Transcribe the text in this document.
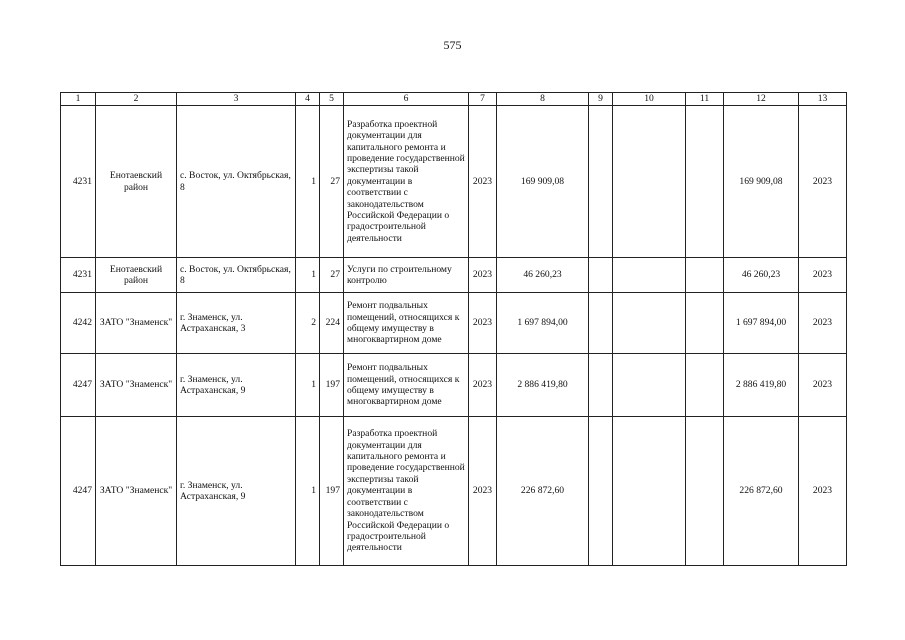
575
1	2	3	4	5	6	7	8	9	10	11	12	13
4231	Енотаевский район	с. Восток, ул. Октябрьская, 8	1	27	Разработка проектной документации для капитального ремонта и проведение государственной экспертизы такой документации в соответствии с законодательством Российской Федерации о градостроительной деятельности	2023	169 909,08				169 909,08	2023
4231	Енотаевский район	с. Восток, ул. Октябрьская, 8	1	27	Услуги по строительному контролю	2023	46 260,23				46 260,23	2023
4242	ЗАТО "Знаменск"	г. Знаменск, ул. Астраханская, 3	2	224	Ремонт подвальных помещений, относящихся к общему имуществу в многоквартирном доме	2023	1 697 894,00				1 697 894,00	2023
4247	ЗАТО "Знаменск"	г. Знаменск, ул. Астраханская, 9	1	197	Ремонт подвальных помещений, относящихся к общему имуществу в многоквартирном доме	2023	2 886 419,80				2 886 419,80	2023
4247	ЗАТО "Знаменск"	г. Знаменск, ул. Астраханская, 9	1	197	Разработка проектной документации для капитального ремонта и проведение государственной экспертизы такой документации в соответствии с законодательством Российской Федерации о градостроительной деятельности	2023	226 872,60				226 872,60	2023
